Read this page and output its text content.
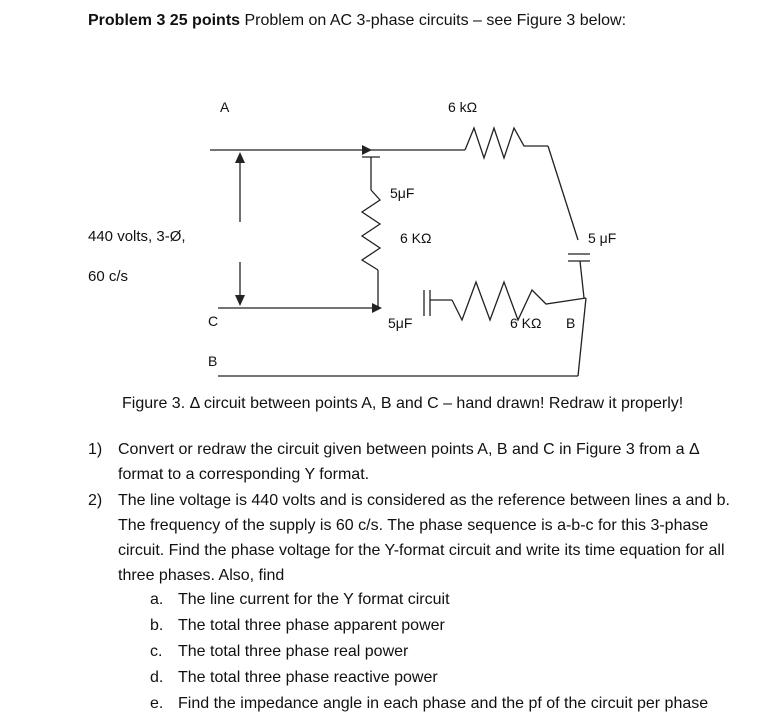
Problem 3 25 points Problem on AC 3-phase circuits – see Figure 3 below:
A	6 kΩ
5μF
6 KΩ	5 μF
C	5μF	6 KΩ B
B
440 volts, 3-Ø,
60 c/s
Figure 3. Δ circuit between points A, B and C – hand drawn! Redraw it properly!
1) Convert or redraw the circuit given between points A, B and C in Figure 3 from a Δ format to a corresponding Y format.
2) The line voltage is 440 volts and is considered as the reference between lines a and b. The frequency of the supply is 60 c/s. The phase sequence is a-b-c for this 3-phase circuit. Find the phase voltage for the Y-format circuit and write its time equation for all three phases. Also, find
a. The line current for the Y format circuit
b. The total three phase apparent power
c. The total three phase real power
d. The total three phase reactive power
e. Find the impedance angle in each phase and the pf of the circuit per phase
